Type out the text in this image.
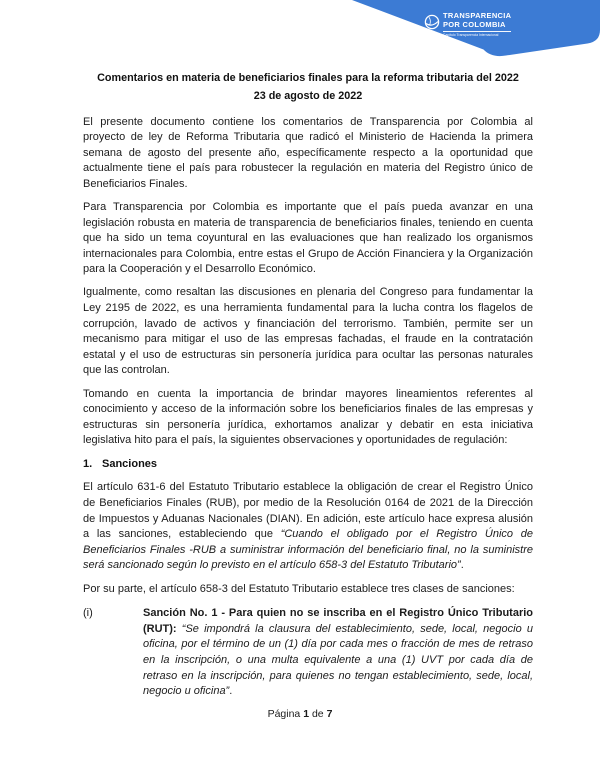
TRANSPARENCIA
POR COLOMBIA
Capítulo Transparencia Internacional

Comentarios en materia de beneficiarios finales para la reforma tributaria del 2022

23 de agosto de 2022

El presente documento contiene los comentarios de Transparencia por Colombia al proyecto de ley de Reforma Tributaria que radicó el Ministerio de Hacienda la primera semana de agosto del presente año, específicamente respecto a la oportunidad que actualmente tiene el país para robustecer la regulación en materia del Registro único de Beneficiarios Finales.

Para Transparencia por Colombia es importante que el país pueda avanzar en una legislación robusta en materia de transparencia de beneficiarios finales, teniendo en cuenta que ha sido un tema coyuntural en las evaluaciones que han realizado los organismos internacionales para Colombia, entre estas el Grupo de Acción Financiera y la Organización para la Cooperación y el Desarrollo Económico.

Igualmente, como resaltan las discusiones en plenaria del Congreso para fundamentar la Ley 2195 de 2022, es una herramienta fundamental para la lucha contra los flagelos de corrupción, lavado de activos y financiación del terrorismo. También, permite ser un mecanismo para mitigar el uso de las empresas fachadas, el fraude en la contratación estatal y el uso de estructuras sin personería jurídica para ocultar las personas naturales que las controlan.

Tomando en cuenta la importancia de brindar mayores lineamientos referentes al conocimiento y acceso de la información sobre los beneficiarios finales de las empresas y estructuras sin personería jurídica, exhortamos analizar y debatir en esta iniciativa legislativa hito para el país, la siguientes observaciones y oportunidades de regulación:

1. Sanciones

El artículo 631-6 del Estatuto Tributario establece la obligación de crear el Registro Único de Beneficiarios Finales (RUB), por medio de la Resolución 0164 de 2021 de la Dirección de Impuestos y Aduanas Nacionales (DIAN). En adición, este artículo hace expresa alusión a las sanciones, estableciendo que “Cuando el obligado por el Registro Único de Beneficiarios Finales -RUB a suministrar información del beneficiario final, no la suministre será sancionado según lo previsto en el artículo 658-3 del Estatuto Tributario”.

Por su parte, el artículo 658-3 del Estatuto Tributario establece tres clases de sanciones:

(i)	Sanción No. 1 - Para quien no se inscriba en el Registro Único Tributario (RUT): “Se impondrá la clausura del establecimiento, sede, local, negocio u oficina, por el término de un (1) día por cada mes o fracción de mes de retraso en la inscripción, o una multa equivalente a una (1) UVT por cada día de retraso en la inscripción, para quienes no tengan establecimiento, sede, local, negocio u oficina”.
Página 1 de 7
